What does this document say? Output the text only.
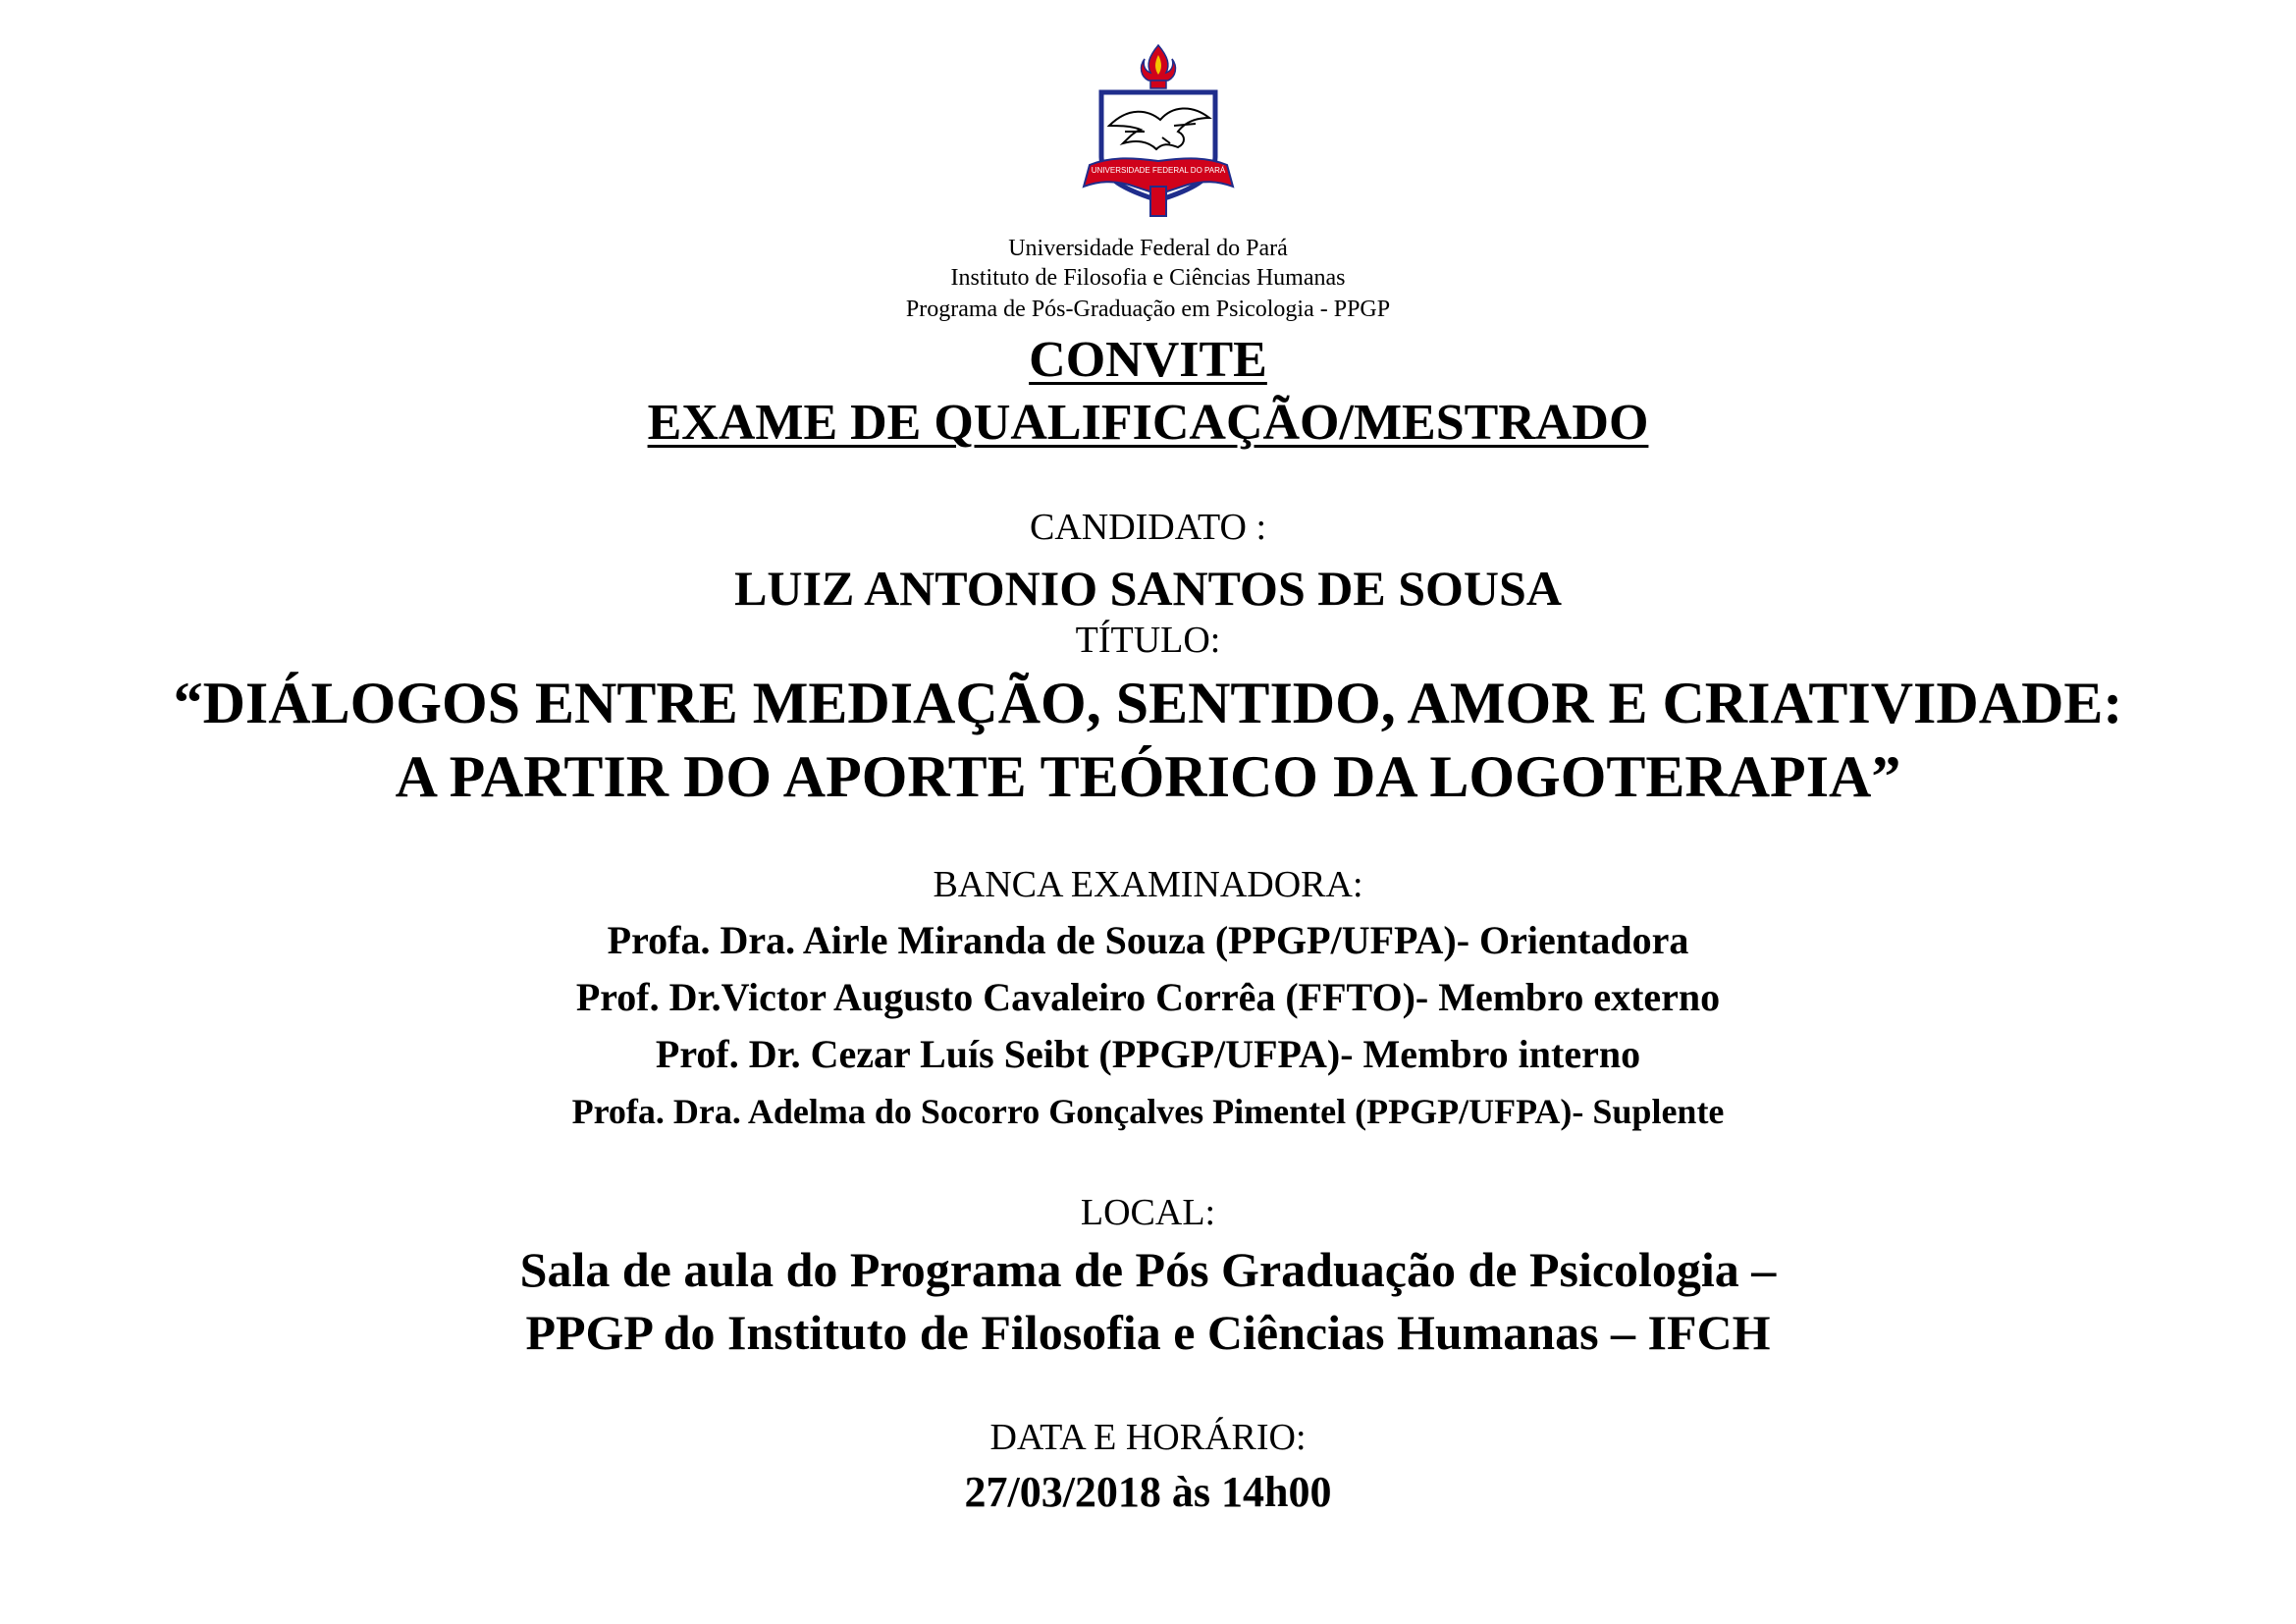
UNIVERSIDADE FEDERAL DO PARÁ
Universidade Federal do Pará
Instituto de Filosofia e Ciências Humanas
Programa de Pós-Graduação em Psicologia - PPGP
CONVITE
EXAME DE QUALIFICAÇÃO/MESTRADO
CANDIDATO :
LUIZ ANTONIO SANTOS DE SOUSA
TÍTULO:
“DIÁLOGOS ENTRE MEDIAÇÃO, SENTIDO, AMOR E CRIATIVIDADE:
A PARTIR DO APORTE TEÓRICO DA LOGOTERAPIA”
BANCA EXAMINADORA:
Profa. Dra. Airle Miranda de Souza (PPGP/UFPA)- Orientadora
Prof. Dr.Victor Augusto Cavaleiro Corrêa (FFTO)- Membro externo
Prof. Dr. Cezar Luís Seibt (PPGP/UFPA)- Membro interno
Profa. Dra. Adelma do Socorro Gonçalves Pimentel (PPGP/UFPA)- Suplente
LOCAL:
Sala de aula do Programa de Pós Graduação de Psicologia –
PPGP do Instituto de Filosofia e Ciências Humanas – IFCH
DATA E HORÁRIO:
27/03/2018 às 14h00
